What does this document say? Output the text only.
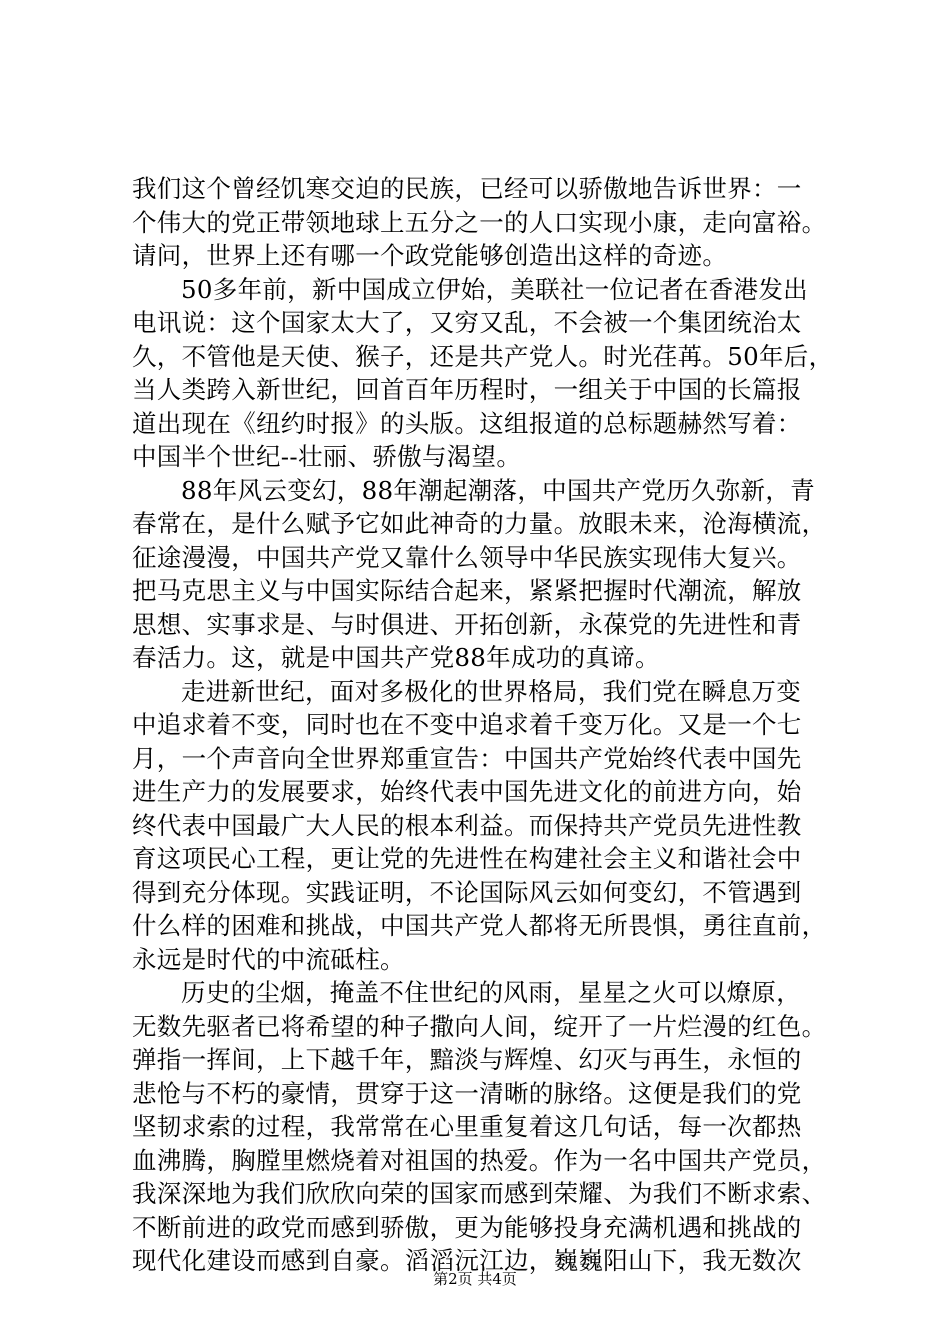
我们这个曾经饥寒交迫的民族，已经可以骄傲地告诉世界：一
个伟大的党正带领地球上五分之一的人口实现小康，走向富裕。
请问，世界上还有哪一个政党能够创造出这样的奇迹。
50多年前，新中国成立伊始，美联社一位记者在香港发出
电讯说：这个国家太大了，又穷又乱，不会被一个集团统治太
久，不管他是天使、猴子，还是共产党人。时光荏苒。50年后，
当人类跨入新世纪，回首百年历程时，一组关于中国的长篇报
道出现在《纽约时报》的头版。这组报道的总标题赫然写着：
中国半个世纪--壮丽、骄傲与渴望。
88年风云变幻，88年潮起潮落，中国共产党历久弥新，青
春常在，是什么赋予它如此神奇的力量。放眼未来，沧海横流，
征途漫漫，中国共产党又靠什么领导中华民族实现伟大复兴。
把马克思主义与中国实际结合起来，紧紧把握时代潮流，解放
思想、实事求是、与时俱进、开拓创新，永葆党的先进性和青
春活力。这，就是中国共产党88年成功的真谛。
走进新世纪，面对多极化的世界格局，我们党在瞬息万变
中追求着不变，同时也在不变中追求着千变万化。又是一个七
月，一个声音向全世界郑重宣告：中国共产党始终代表中国先
进生产力的发展要求，始终代表中国先进文化的前进方向，始
终代表中国最广大人民的根本利益。而保持共产党员先进性教
育这项民心工程，更让党的先进性在构建社会主义和谐社会中
得到充分体现。实践证明，不论国际风云如何变幻，不管遇到
什么样的困难和挑战，中国共产党人都将无所畏惧，勇往直前，
永远是时代的中流砥柱。
历史的尘烟，掩盖不住世纪的风雨，星星之火可以燎原，
无数先驱者已将希望的种子撒向人间，绽开了一片烂漫的红色。
弹指一挥间，上下越千年，黯淡与辉煌、幻灭与再生，永恒的
悲怆与不朽的豪情，贯穿于这一清晰的脉络。这便是我们的党
坚韧求索的过程，我常常在心里重复着这几句话，每一次都热
血沸腾，胸膛里燃烧着对祖国的热爱。作为一名中国共产党员，
我深深地为我们欣欣向荣的国家而感到荣耀、为我们不断求索、
不断前进的政党而感到骄傲，更为能够投身充满机遇和挑战的
现代化建设而感到自豪。滔滔沅江边，巍巍阳山下，我无数次
第2页 共4页
